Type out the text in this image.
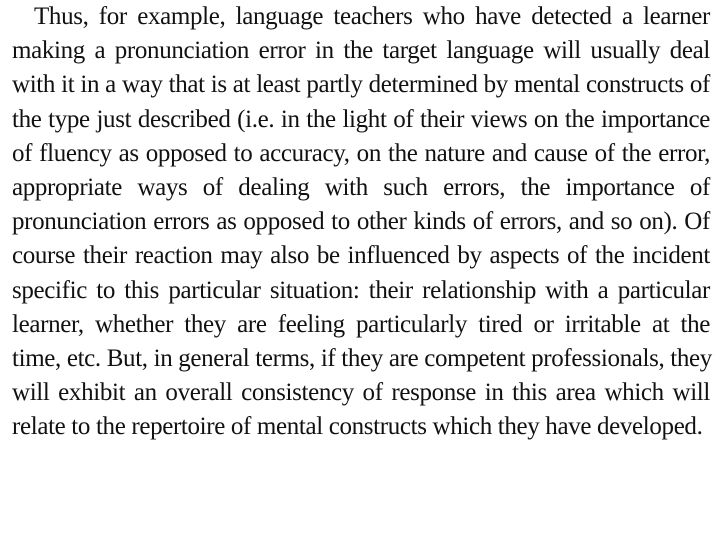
Thus, for example, language teachers who have detected a learner
making a pronunciation error in the target language will usually deal
with it in a way that is at least partly determined by mental constructs of
the type just described (i.e. in the light of their views on the importance
of fluency as opposed to accuracy, on the nature and cause of the error,
appropriate ways of dealing with such errors, the importance of
pronunciation errors as opposed to other kinds of errors, and so on). Of
course their reaction may also be influenced by aspects of the incident
specific to this particular situation: their relationship with a particular
learner, whether they are feeling particularly tired or irritable at the
time, etc. But, in general terms, if they are competent professionals, they
will exhibit an overall consistency of response in this area which will
relate to the repertoire of mental constructs which they have developed.
